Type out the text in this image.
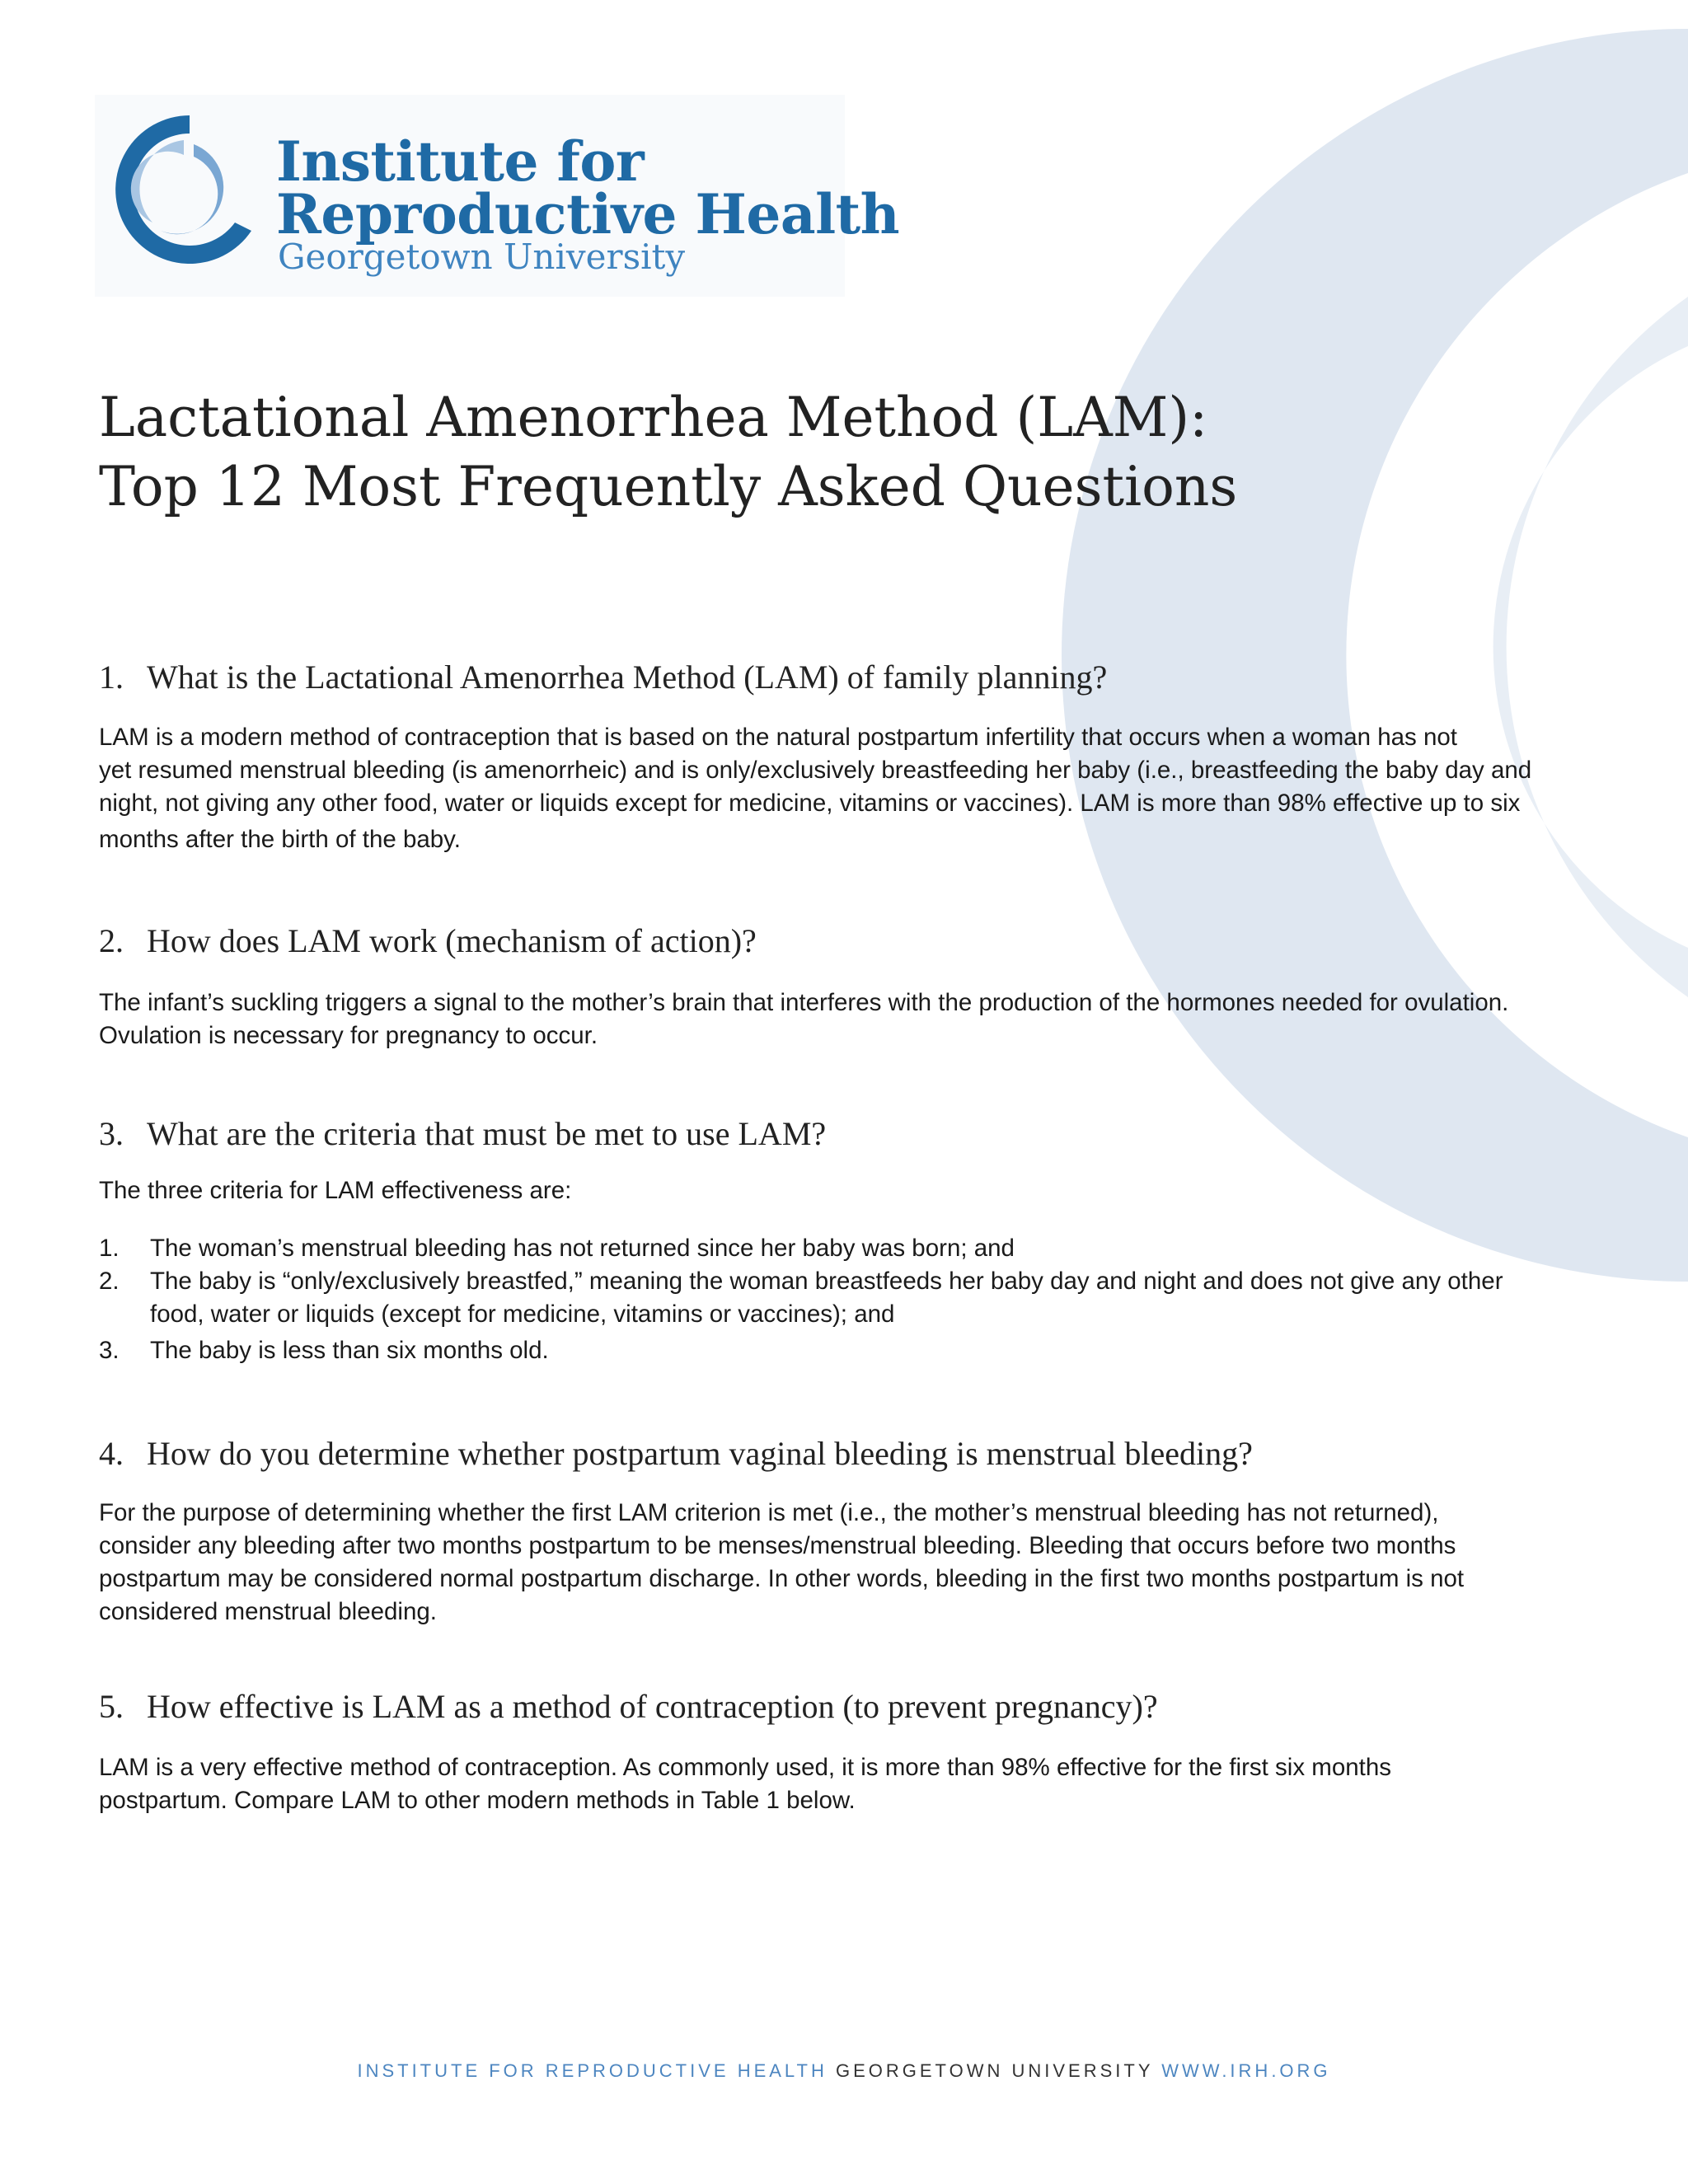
Institute for
Reproductive Health
Georgetown University
Lactational Amenorrhea Method (LAM):
Top 12 Most Frequently Asked Questions
1. What is the Lactational Amenorrhea Method (LAM) of family planning?
LAM is a modern method of contraception that is based on the natural postpartum infertility that occurs when a woman has not
yet resumed menstrual bleeding (is amenorrheic) and is only/exclusively breastfeeding her baby (i.e., breastfeeding the baby day and
night, not giving any other food, water or liquids except for medicine, vitamins or vaccines). LAM is more than 98% effective up to six
months after the birth of the baby.
2. How does LAM work (mechanism of action)?
The infant’s suckling triggers a signal to the mother’s brain that interferes with the production of the hormones needed for ovulation.
Ovulation is necessary for pregnancy to occur.
3. What are the criteria that must be met to use LAM?
The three criteria for LAM effectiveness are:
1. The woman’s menstrual bleeding has not returned since her baby was born; and
2. The baby is “only/exclusively breastfed,” meaning the woman breastfeeds her baby day and night and does not give any other
food, water or liquids (except for medicine, vitamins or vaccines); and
3. The baby is less than six months old.
4. How do you determine whether postpartum vaginal bleeding is menstrual bleeding?
For the purpose of determining whether the first LAM criterion is met (i.e., the mother’s menstrual bleeding has not returned),
consider any bleeding after two months postpartum to be menses/menstrual bleeding. Bleeding that occurs before two months
postpartum may be considered normal postpartum discharge. In other words, bleeding in the first two months postpartum is not
considered menstrual bleeding.
5. How effective is LAM as a method of contraception (to prevent pregnancy)?
LAM is a very effective method of contraception. As commonly used, it is more than 98% effective for the first six months
postpartum. Compare LAM to other modern methods in Table 1 below.
INSTITUTE FOR REPRODUCTIVE HEALTH GEORGETOWN UNIVERSITY WWW.IRH.ORG
